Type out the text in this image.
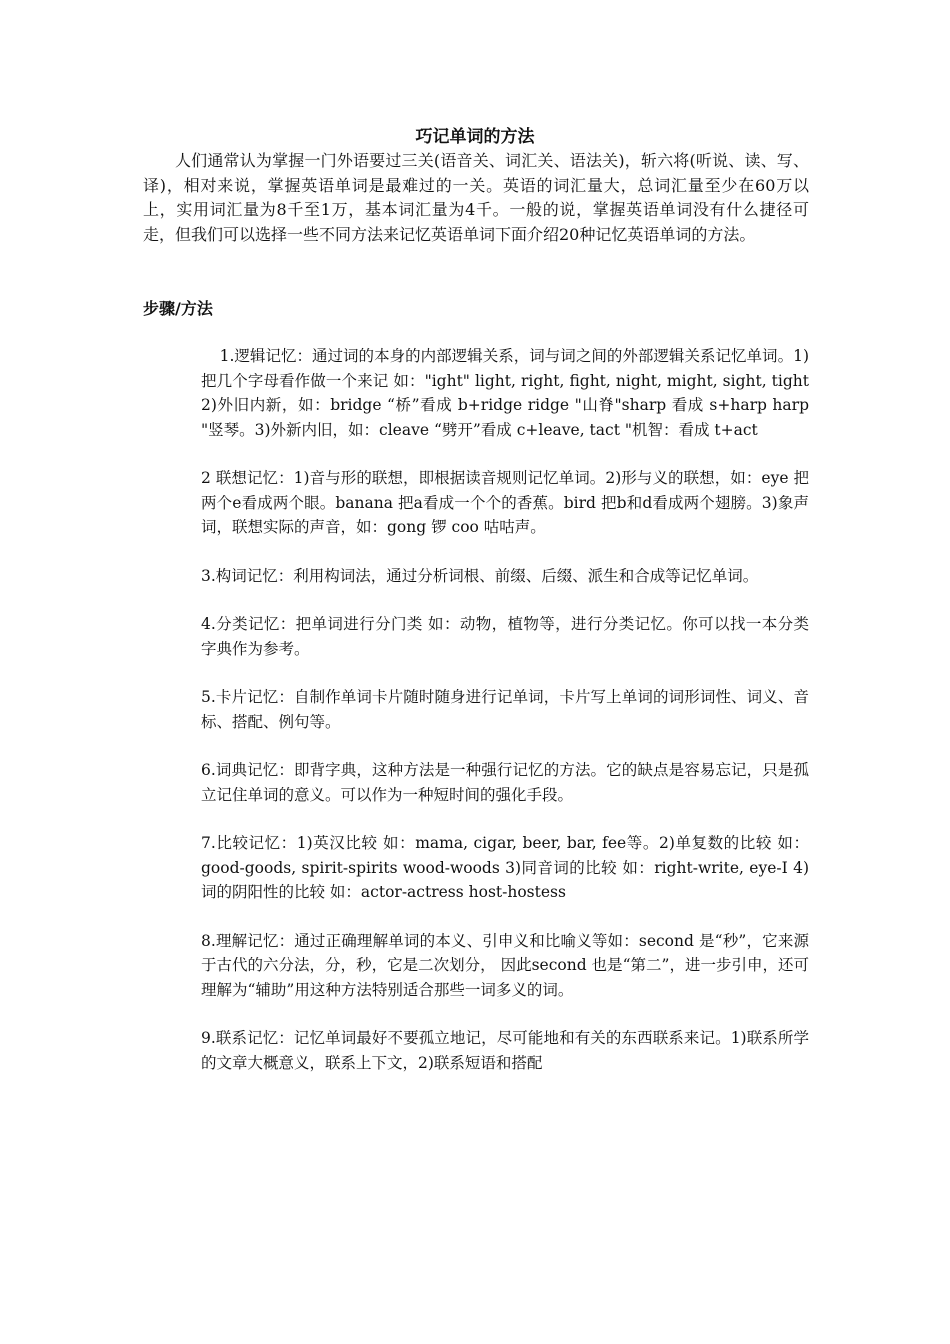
巧记单词的方法

人们通常认为掌握一门外语要过三关(语音关、词汇关、语法关)，斩六将(听说、读、写、译)，相对来说，掌握英语单词是最难过的一关。英语的词汇量大，总词汇量至少在60万以上，实用词汇量为8千至1万，基本词汇量为4千。一般的说，掌握英语单词没有什么捷径可走，但我们可以选择一些不同方法来记忆英语单词下面介绍20种记忆英语单词的方法。

步骤/方法

1.逻辑记忆：通过词的本身的内部逻辑关系，词与词之间的外部逻辑关系记忆单词。1)把几个字母看作做一个来记 如："ight" light, right, fight, night, might, sight, tight 2)外旧内新，如：bridge “桥”看成 b+ridge ridge "山脊"sharp 看成 s+harp harp "竖琴。3)外新内旧，如：cleave “劈开”看成 c+leave, tact "机智：看成 t+act

2 联想记忆：1)音与形的联想，即根据读音规则记忆单词。2)形与义的联想，如：eye 把两个e看成两个眼。banana 把a看成一个个的香蕉。bird 把b和d看成两个翅膀。3)象声词，联想实际的声音，如：gong 锣 coo 咕咕声。

3.构词记忆：利用构词法，通过分析词根、前缀、后缀、派生和合成等记忆单词。

4.分类记忆：把单词进行分门类 如：动物，植物等，进行分类记忆。你可以找一本分类字典作为参考。

5.卡片记忆：自制作单词卡片随时随身进行记单词，卡片写上单词的词形词性、词义、音标、搭配、例句等。

6.词典记忆：即背字典，这种方法是一种强行记忆的方法。它的缺点是容易忘记，只是孤立记住单词的意义。可以作为一种短时间的强化手段。

7.比较记忆：1)英汉比较 如：mama, cigar, beer, bar, fee等。2)单复数的比较 如：good-goods, spirit-spirits wood-woods 3)同音词的比较 如：right-write, eye-I 4)词的阴阳性的比较 如：actor-actress host-hostess

8.理解记忆：通过正确理解单词的本义、引申义和比喻义等如：second 是“秒”，它来源于古代的六分法，分，秒，它是二次划分， 因此second 也是“第二”，进一步引申，还可理解为“辅助”用这种方法特别适合那些一词多义的词。

9.联系记忆：记忆单词最好不要孤立地记，尽可能地和有关的东西联系来记。1)联系所学的文章大概意义，联系上下文，2)联系短语和搭配
